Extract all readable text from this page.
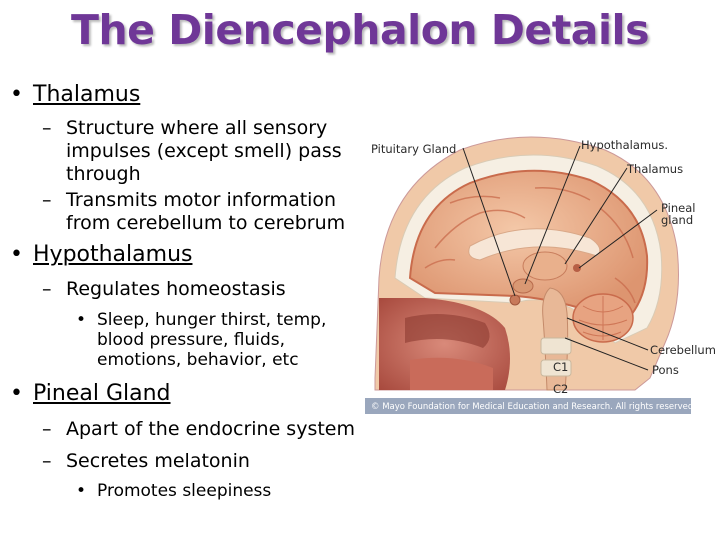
The Diencephalon Details
• Thalamus
– Structure where all sensory
impulses (except smell) pass
through
– Transmits motor information
from cerebellum to cerebrum
• Hypothalamus
– Regulates homeostasis
• Sleep, hunger thirst, temp,
blood pressure, fluids,
emotions, behavior, etc
• Pineal Gland
– Apart of the endocrine system
– Secretes melatonin
• Promotes sleepiness
Pituitary Gland	Hypothalamus.
Thalamus
Pineal
gland
Cerebellum
Pons
C1
C2
© Mayo Foundation for Medical Education and Research. All rights reserved.
